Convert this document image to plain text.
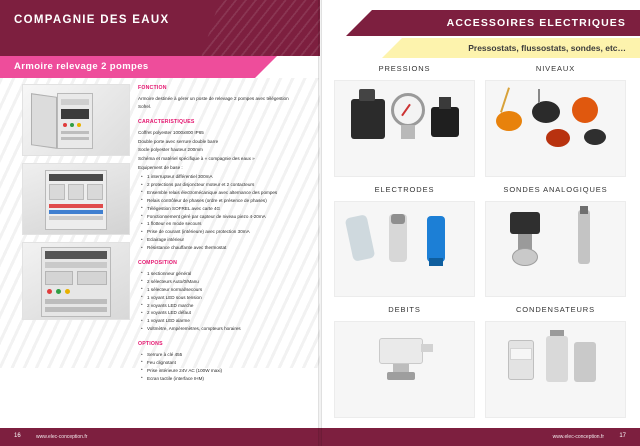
COMPAGNIE DES EAUX
Armoire relevage 2 pompes
FONCTION

Armoire destinée à gérer un poste de relevage 2 pompes avec télégestion Sofrel.

CARACTERISTIQUES

Coffret polyester 1000x800 IP65

Double porte avec serrure double barre

Socle polyester hauteur 200mm

Schéma et matériel spécifique à « compagnie des eaux »

Equipement de base :

• 1 interrupteur différentiel 300mA
• 2 protections par disjoncteur moteur et 2 contacteurs
• Ensemble relais électromécanique avec alternance des pompes
• Relais contrôleur de phases (ordre et présence de phases)
• Télégestion SOFREL avec carte 4G
• Fonctionnement géré par capteur de niveau piezo 4-20mA
• 1 flotteur en mode secours
• Prise de courant (intérieure) avec protection 30mA
• Eclairage intérieur
• Résistance chauffante avec thermostat
COMPOSITION
• 1 sectionneur général
• 2 sélecteurs Auto/0/Manu
• 1 sélecteur normal/secours
• 1 voyant LED sous tension
• 2 voyants LED marche
• 2 voyants LED défaut
• 1 voyant LED alarme
• Voltmètre, Ampèremètres, compteurs horaires
OPTIONS
• Serrure à clé 455
• Feu clignotant
• Prise intérieure 24V AC (100W maxi)
• Ecran tactile (interface IHM)
16	www.elec-conception.fr
ACCESSOIRES ELECTRIQUES
Pressostats, flussostats, sondes, etc…
PRESSIONS	NIVEAUX
ELECTRODES	SONDES ANALOGIQUES
DEBITS	CONDENSATEURS
17
www.elec-conception.fr
